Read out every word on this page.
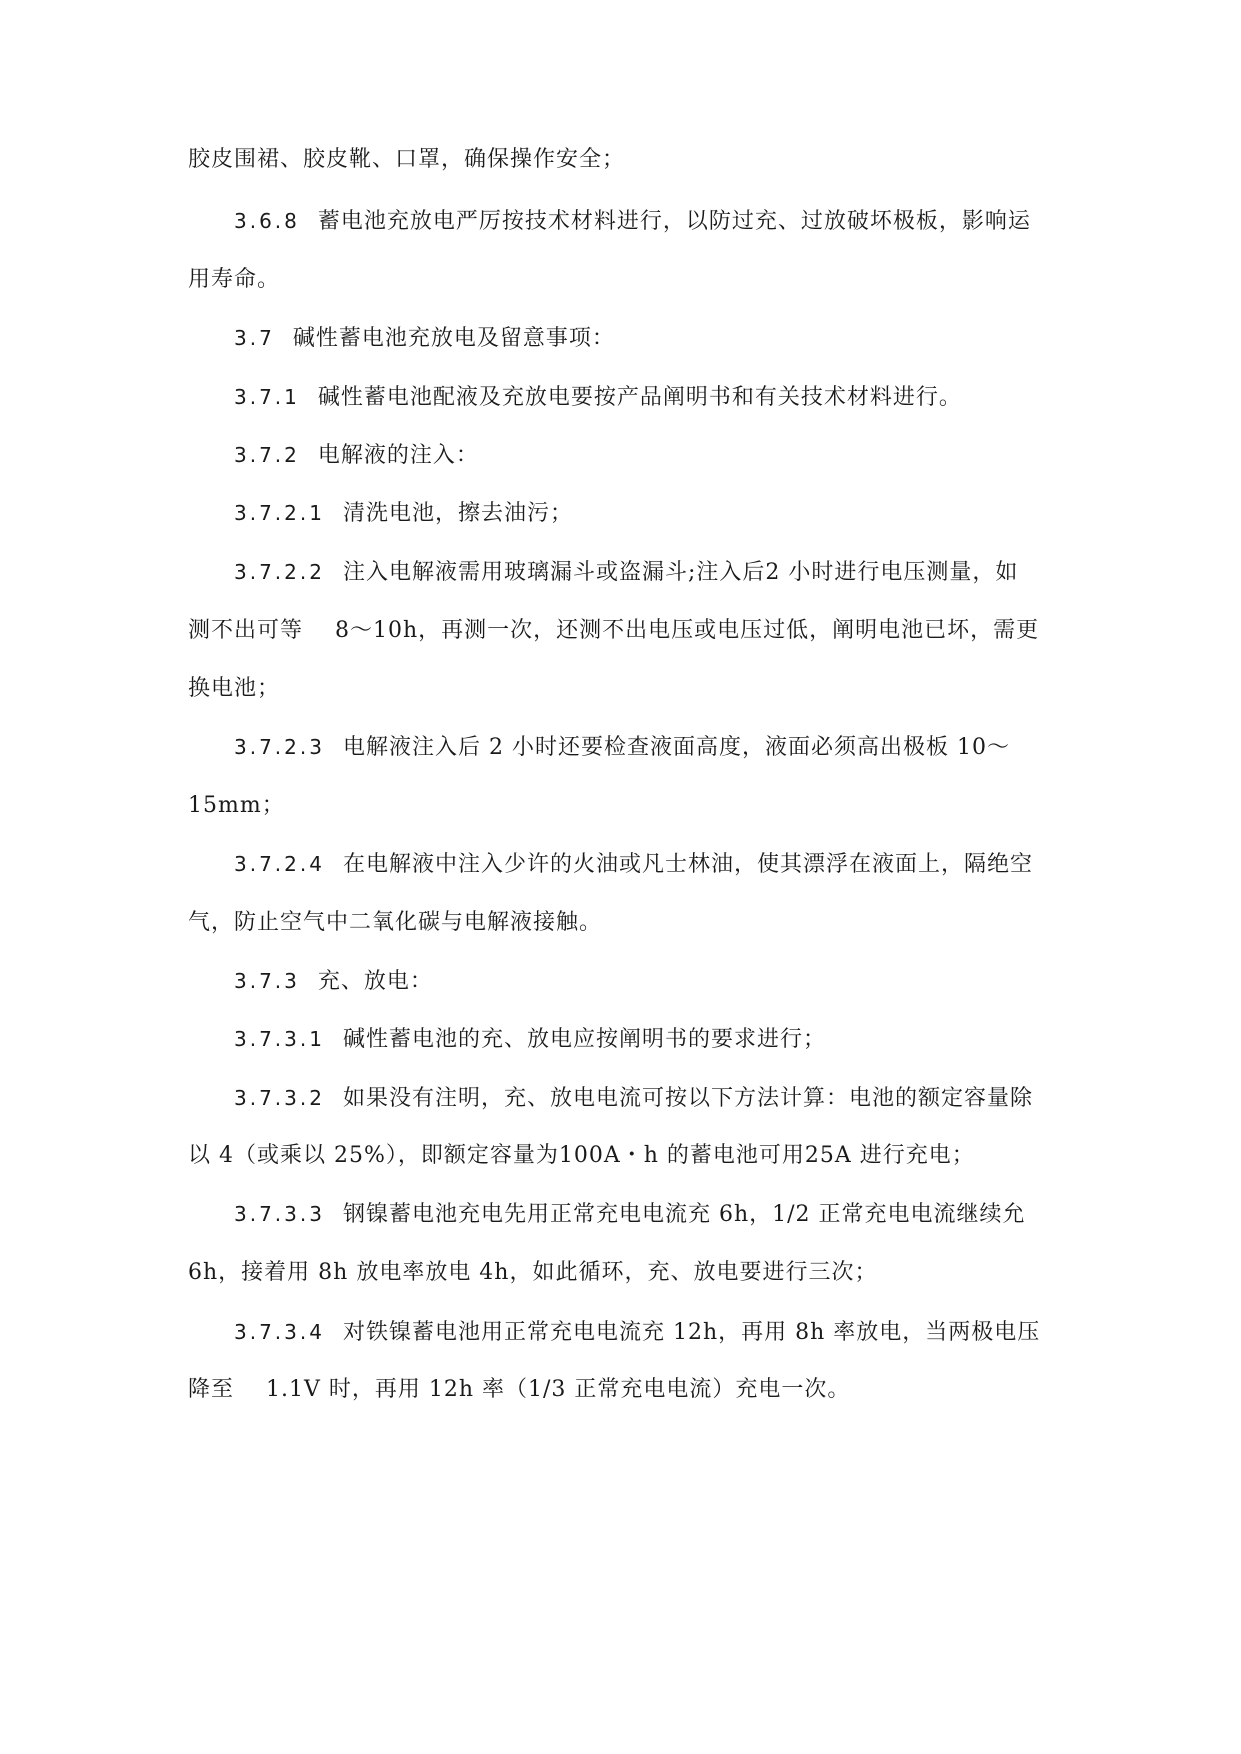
胶皮围裙、胶皮靴、口罩，确保操作安全；
3.6.8 蓄电池充放电严厉按技术材料进行，以防过充、过放破坏极板，影响运
用寿命。
3.7 碱性蓄电池充放电及留意事项：
3.7.1 碱性蓄电池配液及充放电要按产品阐明书和有关技术材料进行。
3.7.2 电解液的注入：
3.7.2.1 清洗电池，擦去油污；
3.7.2.2 注入电解液需用玻璃漏斗或盗漏斗;注入后2 小时进行电压测量，如
测不出可等    8～10h，再测一次，还测不出电压或电压过低，阐明电池已坏，需更
换电池；
3.7.2.3 电解液注入后 2 小时还要检查液面高度，液面必须高出极板 10～
15mm；
3.7.2.4 在电解液中注入少许的火油或凡士林油，使其漂浮在液面上，隔绝空
气，防止空气中二氧化碳与电解液接触。
3.7.3 充、放电：
3.7.3.1 碱性蓄电池的充、放电应按阐明书的要求进行；
3.7.3.2 如果没有注明，充、放电电流可按以下方法计算：电池的额定容量除
以 4（或乘以 25%），即额定容量为100A・h 的蓄电池可用25A 进行充电；
3.7.3.3 钢镍蓄电池充电先用正常充电电流充 6h，1/2 正常充电电流继续允
6h，接着用 8h 放电率放电 4h，如此循环，充、放电要进行三次；
3.7.3.4 对铁镍蓄电池用正常充电电流充 12h，再用 8h 率放电，当两极电压
降至    1.1V 时，再用 12h 率（1/3 正常充电电流）充电一次。
